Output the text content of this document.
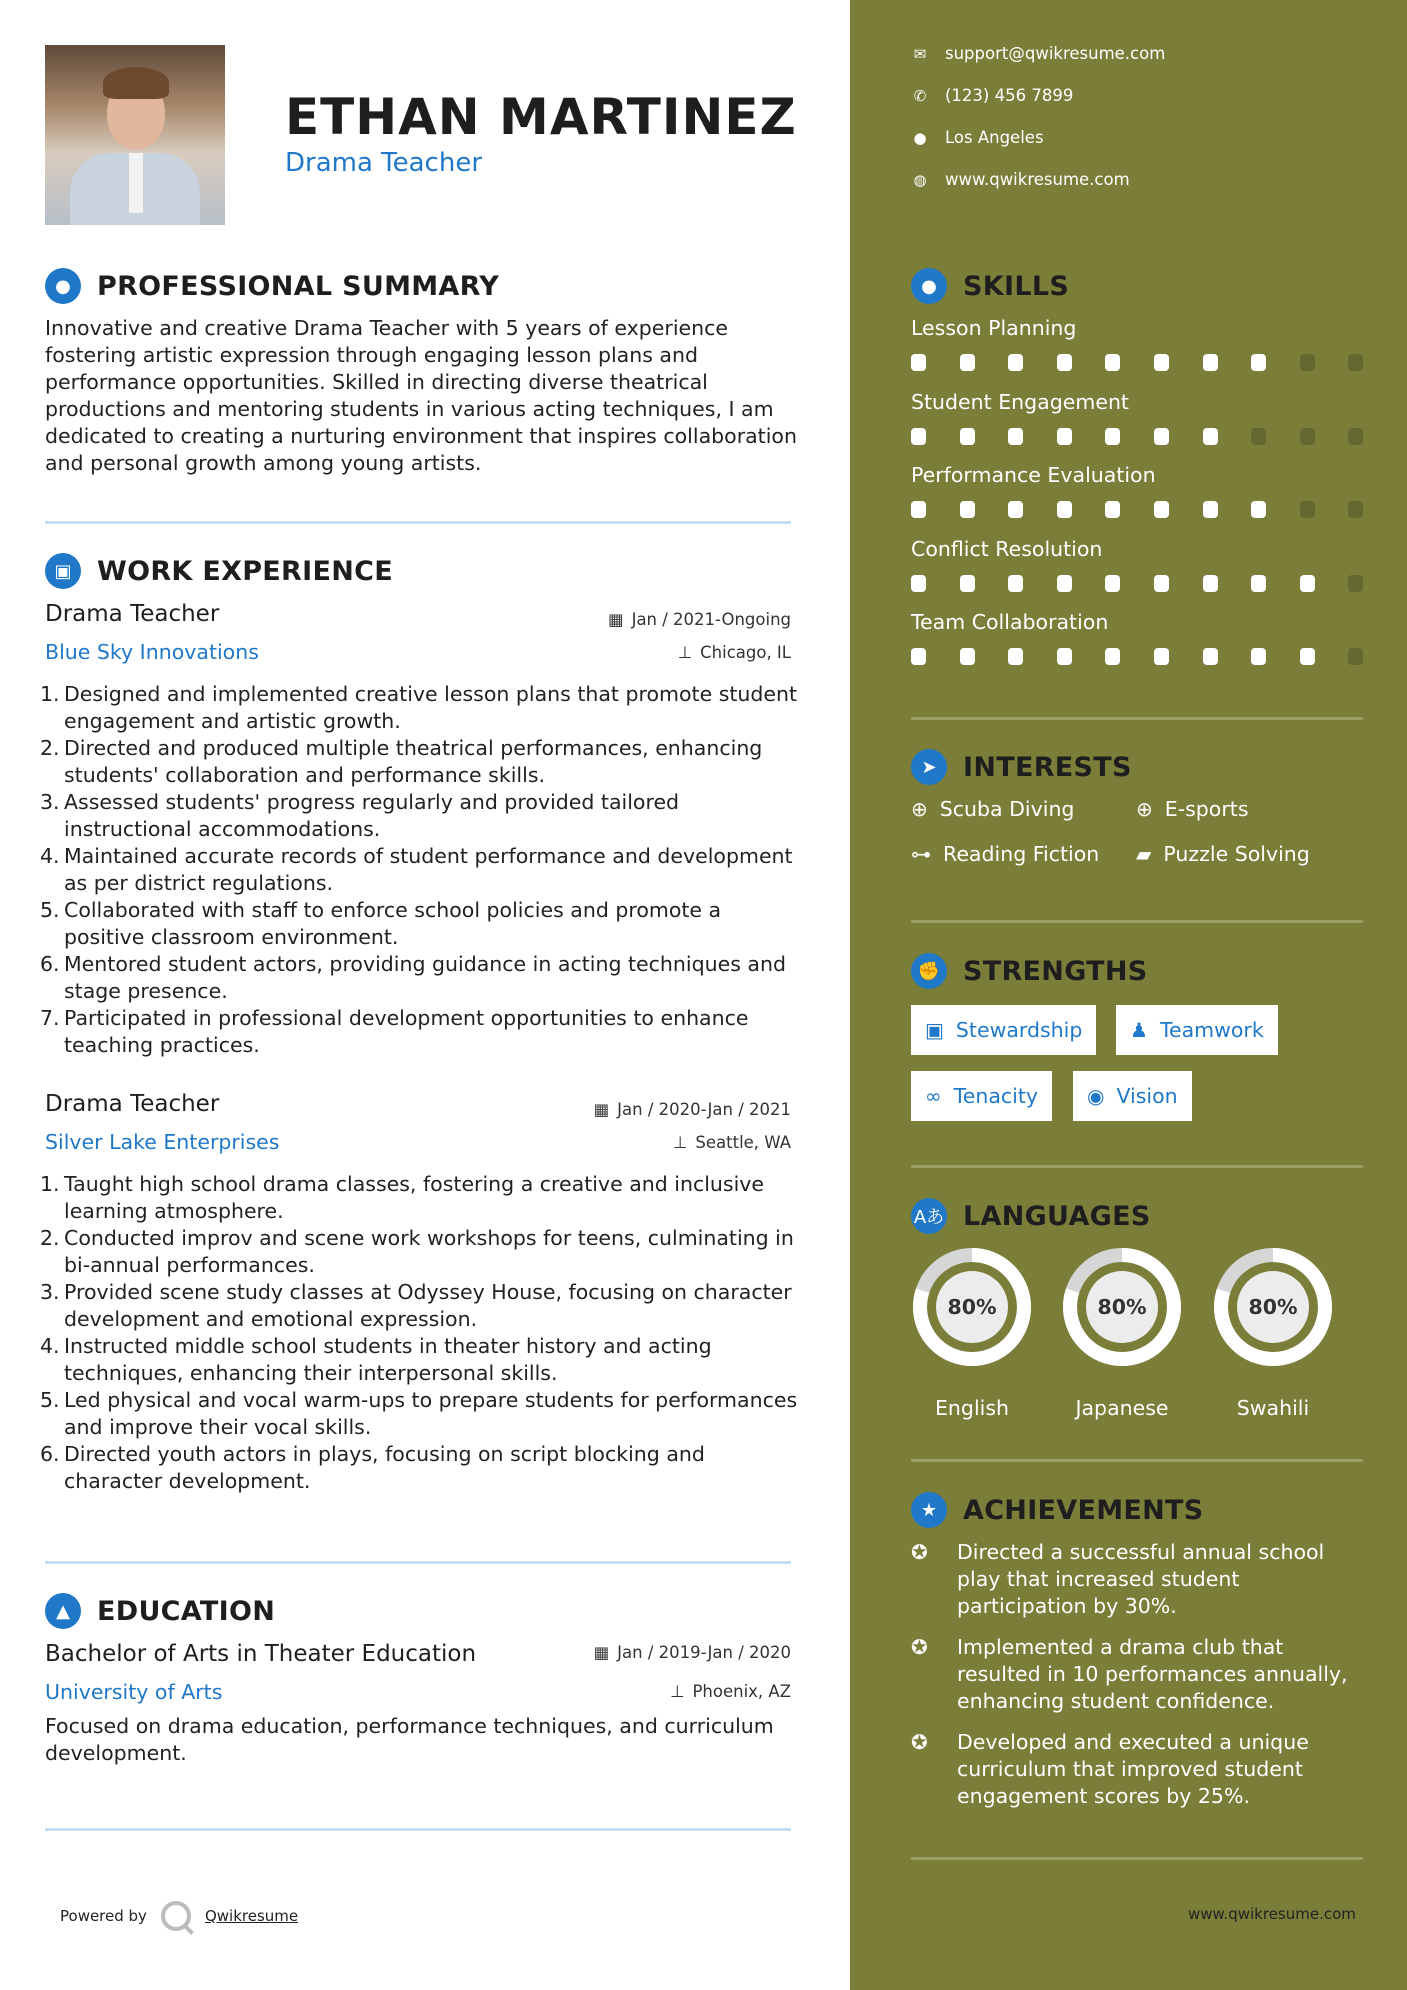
ETHAN MARTINEZ
Drama Teacher
● PROFESSIONAL SUMMARY
Innovative and creative Drama Teacher with 5 years of experience fostering artistic expression through engaging lesson plans and performance opportunities. Skilled in directing diverse theatrical productions and mentoring students in various acting techniques, I am dedicated to creating a nurturing environment that inspires collaboration and personal growth among young artists.
▣ WORK EXPERIENCE
Drama Teacher
Blue Sky Innovations
▦ Jan / 2021-Ongoing
⊥ Chicago, IL
1. Designed and implemented creative lesson plans that promote student engagement and artistic growth.
2. Directed and produced multiple theatrical performances, enhancing students' collaboration and performance skills.
3. Assessed students' progress regularly and provided tailored instructional accommodations.
4. Maintained accurate records of student performance and development as per district regulations.
5. Collaborated with staff to enforce school policies and promote a positive classroom environment.
6. Mentored student actors, providing guidance in acting techniques and stage presence.
7. Participated in professional development opportunities to enhance teaching practices.
Drama Teacher
Silver Lake Enterprises
▦ Jan / 2020-Jan / 2021
⊥ Seattle, WA
1. Taught high school drama classes, fostering a creative and inclusive learning atmosphere.
2. Conducted improv and scene work workshops for teens, culminating in bi-annual performances.
3. Provided scene study classes at Odyssey House, focusing on character development and emotional expression.
4. Instructed middle school students in theater history and acting techniques, enhancing their interpersonal skills.
5. Led physical and vocal warm-ups to prepare students for performances and improve their vocal skills.
6. Directed youth actors in plays, focusing on script blocking and character development.
▲	EDUCATION
Bachelor of Arts in Theater Education
University of Arts
▦ Jan / 2019-Jan / 2020
⊥ Phoenix, AZ
Focused on drama education, performance techniques, and curriculum development.
Powered by	Qwikresume
✉ support@qwikresume.com
✆ (123) 456 7899
● Los Angeles
◍ www.qwikresume.com
● SKILLS
Lesson Planning
Student Engagement
Performance Evaluation
Conflict Resolution
Team Collaboration
➤ INTERESTS
⊕ Scuba Diving	⊕ E-sports
⊶ Reading Fiction ▰ Puzzle Solving
✊ STRENGTHS
▣ Stewardship ♟ Teamwork
∞ Tenacity ◉ Vision
Aあ LANGUAGES
80%
English
80%
Japanese
80%
Swahili
★ ACHIEVEMENTS
✪	Directed a successful annual school play that increased student participation by 30%.
✪	Implemented a drama club that resulted in 10 performances annually, enhancing student confidence.
✪	Developed and executed a unique curriculum that improved student engagement scores by 25%.
www.qwikresume.com
